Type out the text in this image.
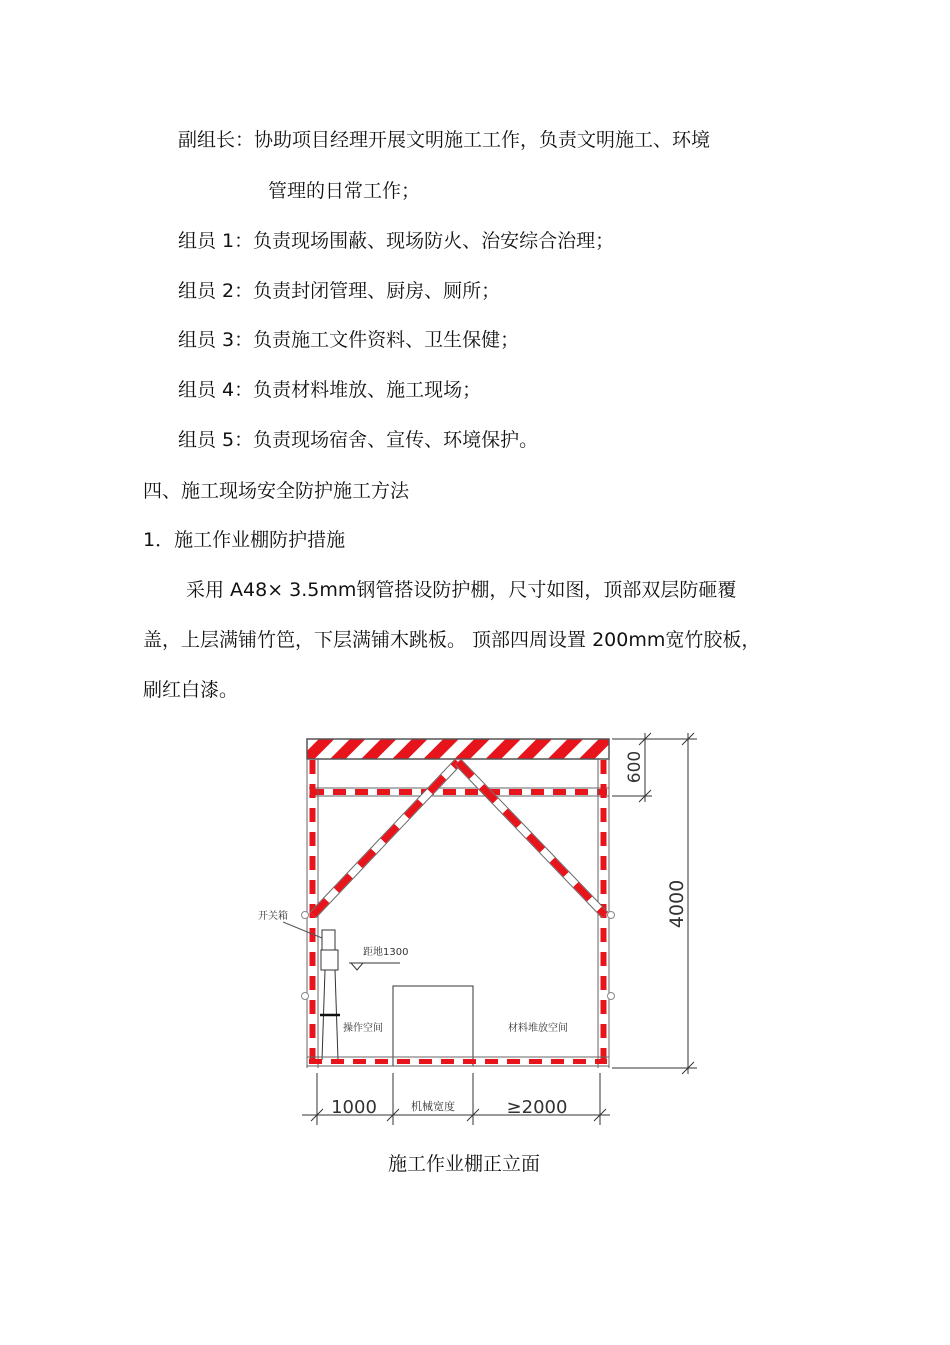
副组长：协助项目经理开展文明施工工作，负责文明施工、环境
管理的日常工作；
组员 1：负责现场围蔽、现场防火、治安综合治理；
组员 2：负责封闭管理、厨房、厕所；
组员 3：负责施工文件资料、卫生保健；
组员 4：负责材料堆放、施工现场；
组员 5：负责现场宿舍、宣传、环境保护。
四、施工现场安全防护施工方法
1．施工作业棚防护措施
采用 A48× 3.5mm钢管搭设防护棚，尺寸如图，顶部双层防砸覆
盖，上层满铺竹笆，下层满铺木跳板。 顶部四周设置 200mm宽竹胶板，
刷红白漆。
开关箱
距地1300
操作空间	材料堆放空间
600
4000
1000	机械宽度	≥2000
施工作业棚正立面
